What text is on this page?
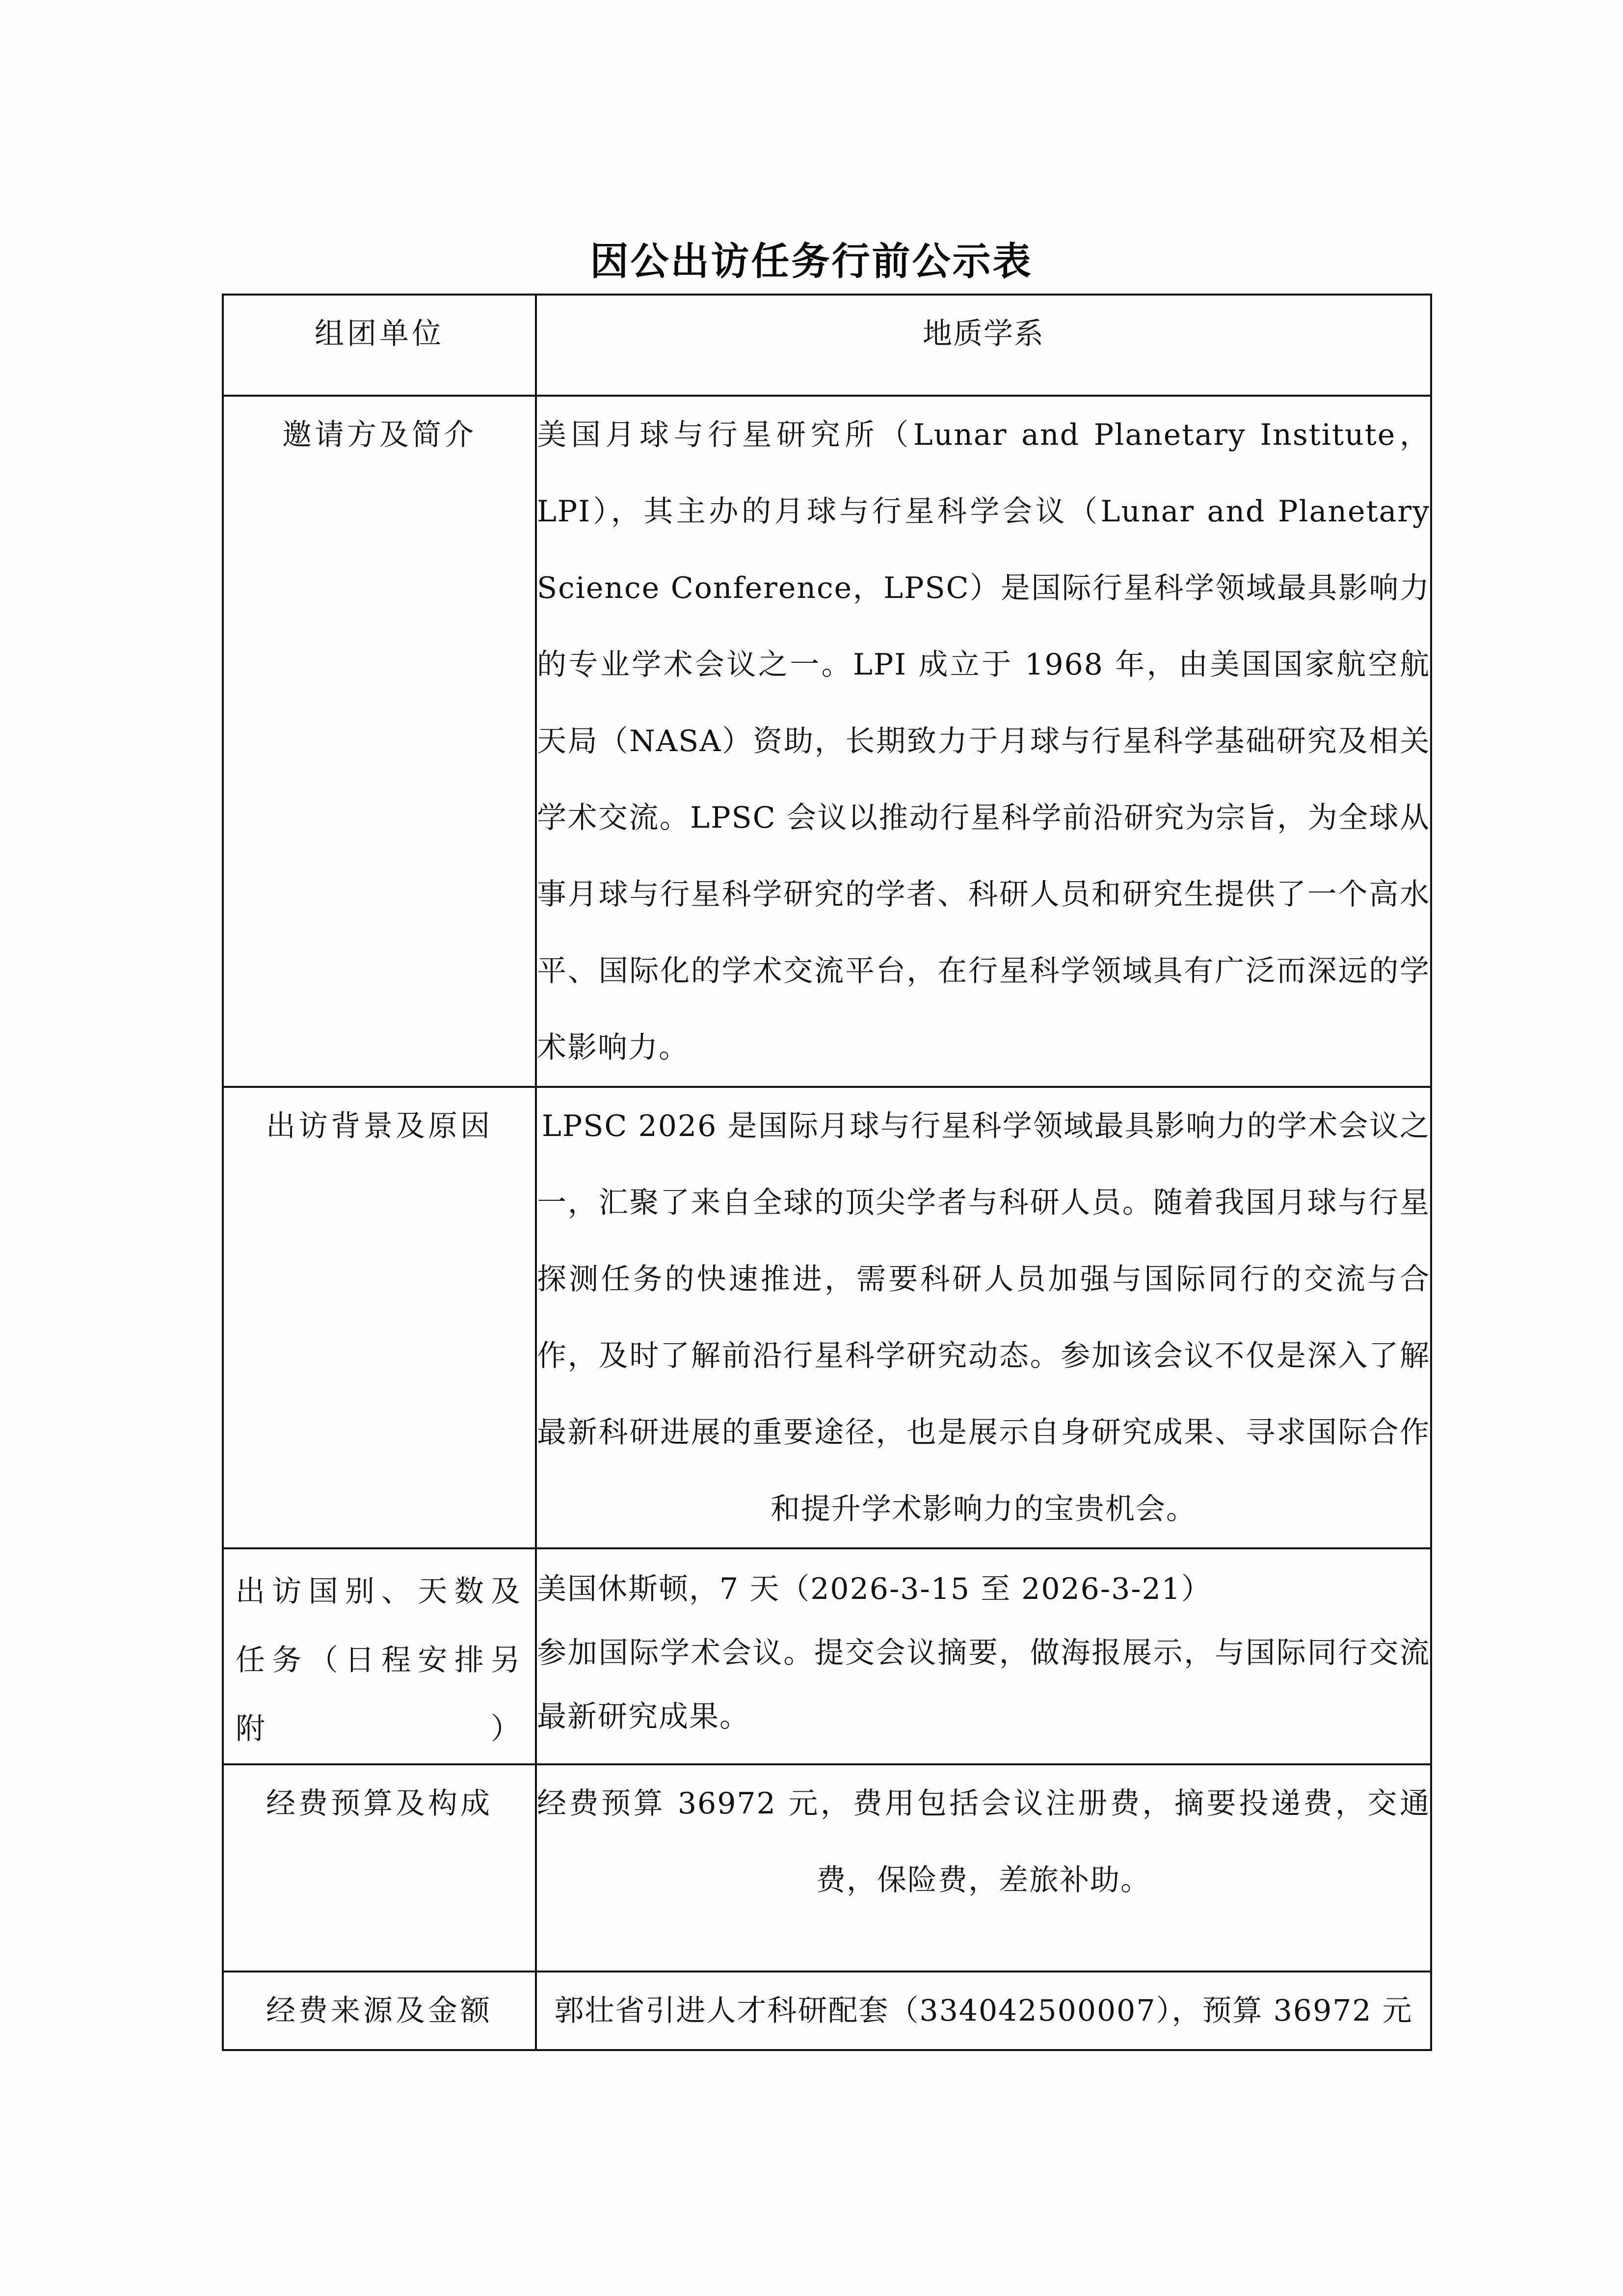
因公出访任务行前公示表
组团单位	地质学系
邀请方及简介	美国月球与行星研究所（Lunar and Planetary Institute，LPI），其主办的月球与行星科学会议（Lunar and Planetary Science Conference，LPSC）是国际行星科学领域最具影响力的专业学术会议之一。LPI 成立于 1968 年，由美国国家航空航天局（NASA）资助，长期致力于月球与行星科学基础研究及相关学术交流。LPSC 会议以推动行星科学前沿研究为宗旨，为全球从事月球与行星科学研究的学者、科研人员和研究生提供了一个高水平、国际化的学术交流平台，在行星科学领域具有广泛而深远的学术影响力。
出访背景及原因	LPSC 2026 是国际月球与行星科学领域最具影响力的学术会议之一，汇聚了来自全球的顶尖学者与科研人员。随着我国月球与行星探测任务的快速推进，需要科研人员加强与国际同行的交流与合作，及时了解前沿行星科学研究动态。参加该会议不仅是深入了解最新科研进展的重要途径，也是展示自身研究成果、寻求国际合作和提升学术影响力的宝贵机会。
出访国别、天数及任务（日程安排另附）	美国休斯顿，7 天（2026-3-15 至 2026-3-21）
参加国际学术会议。提交会议摘要，做海报展示，与国际同行交流最新研究成果。

经费预算及构成	经费预算 36972 元，费用包括会议注册费，摘要投递费，交通费，保险费，差旅补助。
经费来源及金额	郭壮省引进人才科研配套（334042500007），预算 36972 元
